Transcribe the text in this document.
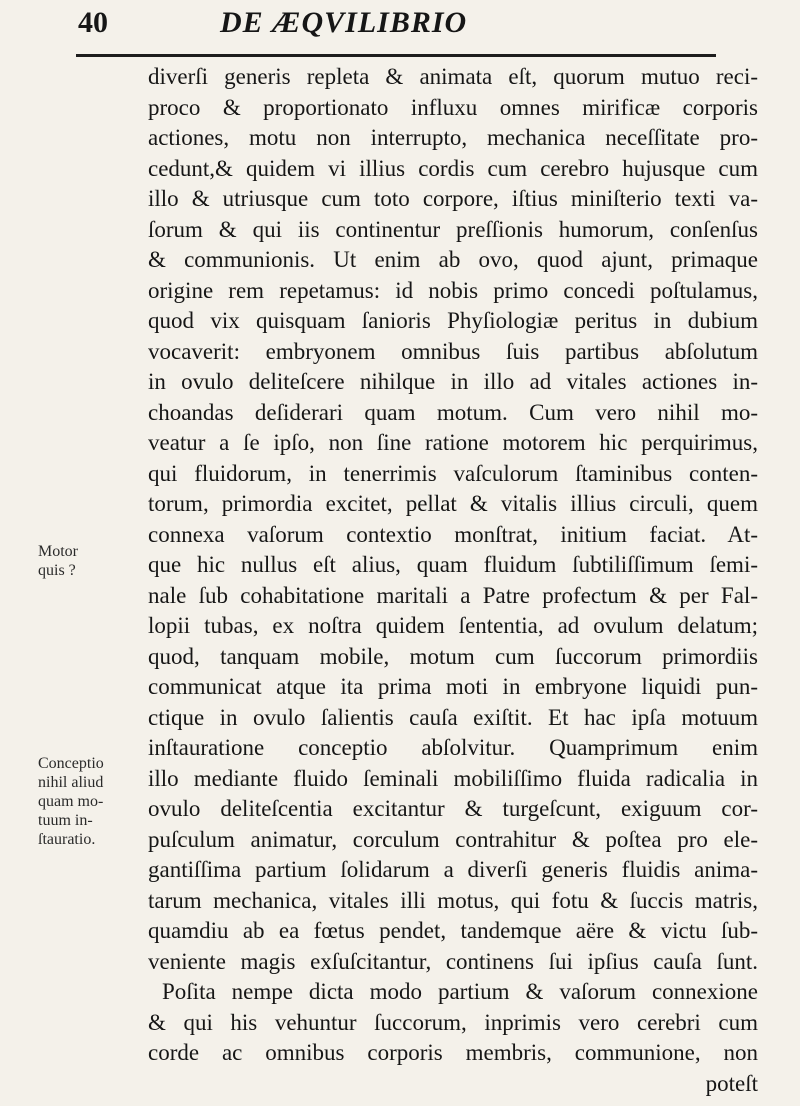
40	DE ÆQVILIBRIO
diverſi generis repleta & animata eſt, quorum mutuo reci-
proco & proportionato influxu omnes mirificæ corporis
actiones, motu non interrupto, mechanica neceſſitate pro-
cedunt,& quidem vi illius cordis cum cerebro hujusque cum
illo & utriusque cum toto corpore, iſtius miniſterio texti va-
ſorum & qui iis continentur preſſionis humorum, conſenſus
& communionis. Ut enim ab ovo, quod ajunt, primaque
origine rem repetamus: id nobis primo concedi poſtulamus,
quod vix quisquam ſanioris Phyſiologiæ peritus in dubium
vocaverit: embryonem omnibus ſuis partibus abſolutum
in ovulo delitеſcere nihilque in illo ad vitales actiones in-
choandas deſiderari quam motum. Cum vero nihil mo-
veatur a ſe ipſo, non ſine ratione motorem hic perquirimus,
qui fluidorum, in tenerrimis vaſculorum ſtaminibus conten-
torum, primordia excitet, pellat & vitalis illius circuli, quem
connexa vaſorum contextio monſtrat, initium faciat. At-
que hic nullus eſt alius, quam fluidum ſubtiliſſimum ſemi-
nale ſub cohabitatione maritali a Patre profectum & per Fal-
lopii tubas, ex noſtra quidem ſententia, ad ovulum delatum;
quod, tanquam mobile, motum cum ſuccorum primordiis
communicat atque ita prima moti in embryone liquidi pun-
ctique in ovulo ſalientis cauſa exiſtit. Et hac ipſa motuum
inſtauratione conceptio abſolvitur. Quamprimum enim
illo mediante fluido ſeminali mobiliſſimo fluida radicalia in
ovulo delitеſcentia excitantur & turgeſcunt, exiguum cor-
puſculum animatur, corculum contrahitur & poſtea pro ele-
gantiſſima partium ſolidarum a diverſi generis fluidis anima-
tarum mechanica, vitales illi motus, qui fotu & ſuccis matris,
quamdiu ab ea fœtus pendet, tandemque aëre & victu ſub-
veniente magis exſuſcitantur, continens ſui ipſius cauſa ſunt.
Poſita nempe dicta modo partium & vaſorum connexione
& qui his vehuntur ſuccorum, inprimis vero cerebri cum
corde ac omnibus corporis membris, communione, non
poteſt
Motor
quis ?
Conceptio
nihil aliud
quam mo-
tuum in-
ſtauratio.
